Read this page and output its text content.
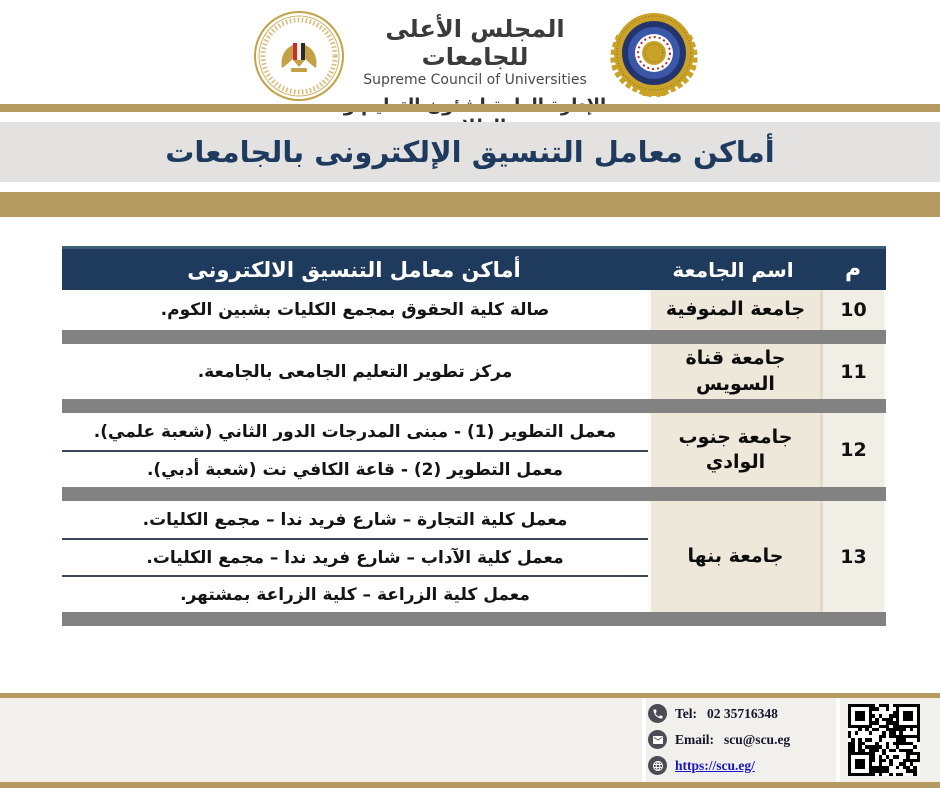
المجلس الأعلى للجامعات
Supreme Council of Universities
أماكن معامل التنسيق الإلكترونى بالجامعات
م
اسم الجامعة
أماكن معامل التنسيق الالكترونى
10
جامعة المنوفية
صالة كلية الحقوق بمجمع الكليات بشبين الكوم.
11
جامعة قناة السويس
مركز تطوير التعليم الجامعى بالجامعة.
12
جامعة جنوب الوادي
معمل التطوير (1) - مبنى المدرجات الدور الثاني (شعبة علمي).
معمل التطوير (2) - قاعة الكافي نت (شعبة أدبي).
13
جامعة بنها
معمل كلية التجارة – شارع فريد ندا – مجمع الكليات.
معمل كلية الآداب – شارع فريد ندا – مجمع الكليات.
معمل كلية الزراعة – كلية الزراعة بمشتهر.
Tel: 02 35716348
Email: scu@scu.eg
https://scu.eg/
